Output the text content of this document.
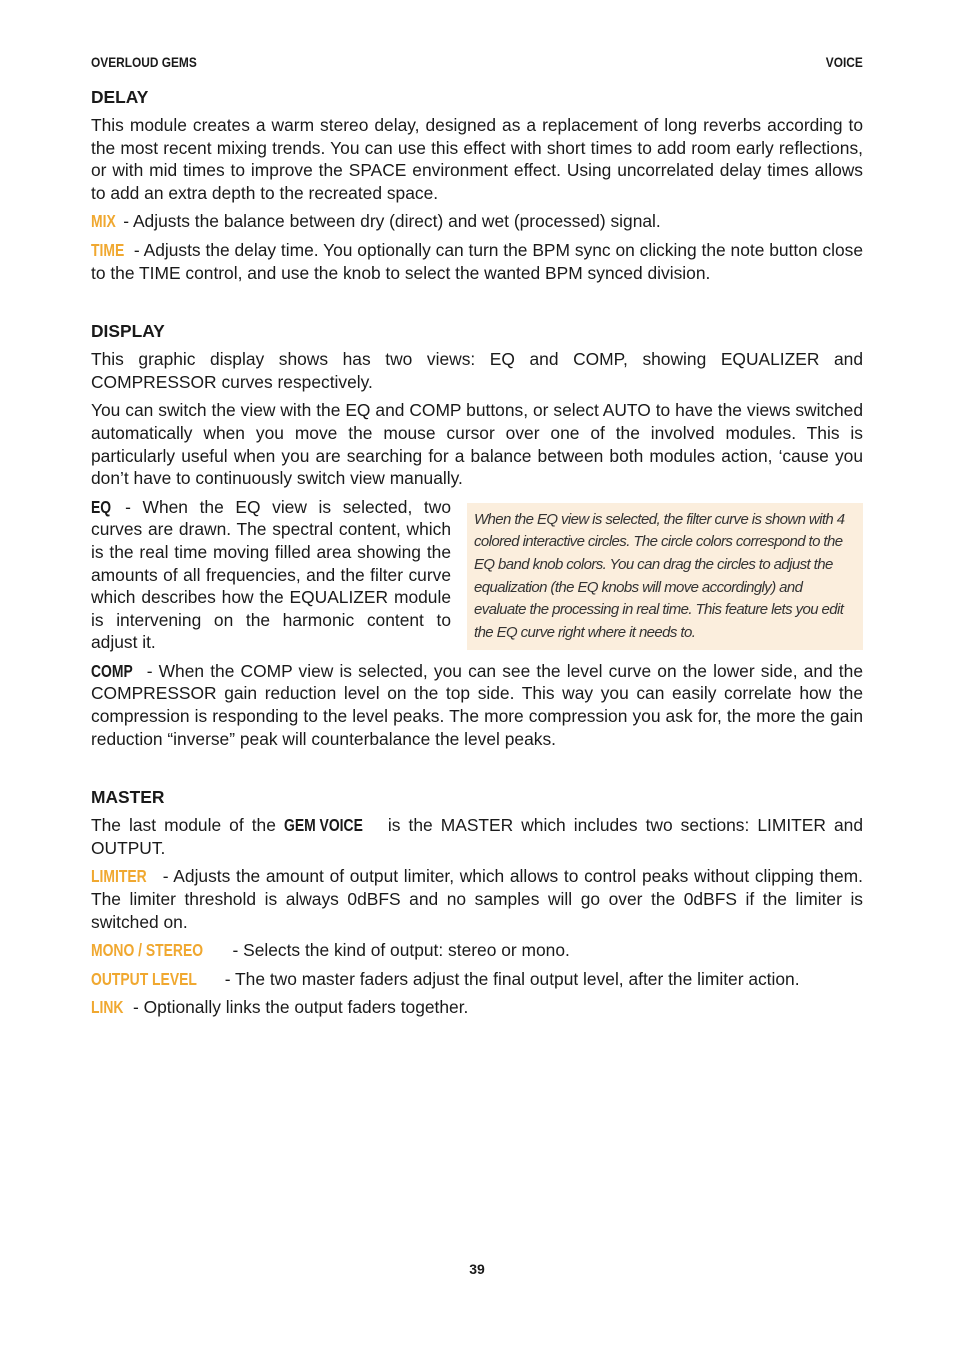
OVERLOUD GEMS	VOICE
DELAY

This module creates a warm stereo delay, designed as a replacement of long reverbs according to the most recent mixing trends. You can use this effect with short times to add room early reflections, or with mid times to improve the SPACE environment effect. Using uncorrelated delay times allows to add an extra depth to the recreated space.

MIX - Adjusts the balance between dry (direct) and wet (processed) signal.

TIME - Adjusts the delay time. You optionally can turn the BPM sync on clicking the note button close to the TIME control, and use the knob to select the wanted BPM synced division.

DISPLAY

This graphic display shows has two views: EQ and COMP, showing EQUALIZER and COMPRESSOR curves respectively.

You can switch the view with the EQ and COMP buttons, or select AUTO to have the views switched automatically when you move the mouse cursor over one of the involved modules. This is particularly useful when you are searching for a balance between both modules action, ‘cause you don’t have to continuously switch view manually.

EQ - When the EQ view is selected, two curves are drawn. The spectral content, which is the real time moving filled area showing the amounts of all frequencies, and the filter curve which describes how the EQUALIZER module is intervening on the harmonic content to adjust it.

When the EQ view is selected, the filter curve is shown with 4 colored interactive circles. The circle colors correspond to the EQ band knob colors. You can drag the circles to adjust the equalization (the EQ knobs will move accordingly) and evaluate the processing in real time. This feature lets you edit the EQ curve right where it needs to.

COMP - When the COMP view is selected, you can see the level curve on the lower side, and the COMPRESSOR gain reduction level on the top side. This way you can easily correlate how the compression is responding to the level peaks. The more compression you ask for, the more the gain reduction “inverse” peak will counterbalance the level peaks.

MASTER

The last module of the GEM VOICE is the MASTER which includes two sections: LIMITER and OUTPUT.

LIMITER - Adjusts the amount of output limiter, which allows to control peaks without clipping them. The limiter threshold is always 0dBFS and no samples will go over the 0dBFS if the limiter is switched on.

MONO / STEREO - Selects the kind of output: stereo or mono.

OUTPUT LEVEL - The two master faders adjust the final output level, after the limiter action.

LINK - Optionally links the output faders together.

39
